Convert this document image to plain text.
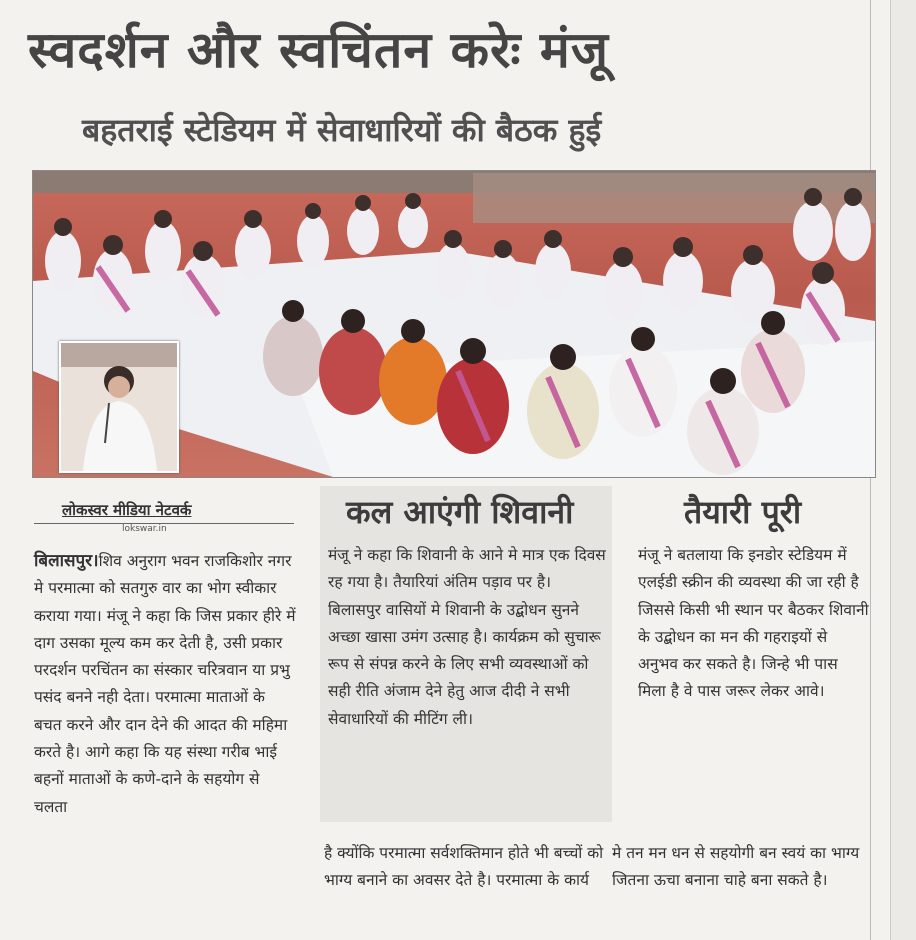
स्वदर्शन और स्वचिंतन करेः मंजू
बहतराई स्टेडियम में सेवाधारियों की बैठक हुई
लोकस्वर मीडिया नेटवर्क
lokswar.in

बिलासपुर।शिव अनुराग भवन राजकिशोर नगर मे परमात्मा को सतगुरु वार का भोग स्वीकार कराया गया। मंजू ने कहा कि जिस प्रकार हीरे में दाग उसका मूल्य कम कर देती है, उसी प्रकार परदर्शन परचिंतन का संस्कार चरित्रवान या प्रभु पसंद बनने नही देता। परमात्मा माताओं के बचत करने और दान देने की आदत की महिमा करते है। आगे कहा कि यह संस्था गरीब भाई बहनों माताओं के कणे-दाने के सहयोग से चलता

कल आएंगी शिवानी
मंजू ने कहा कि शिवानी के आने मे मात्र एक दिवस रह गया है। तैयारियां अंतिम पड़ाव पर है। बिलासपुर वासियों मे शिवानी के उद्बोधन सुनने अच्छा खासा उमंग उत्साह है। कार्यक्रम को सुचारू रूप से संपन्न करने के लिए सभी व्यवस्थाओं को सही रीति अंजाम देने हेतु आज दीदी ने सभी सेवाधारियों की मीटिंग ली।
तैयारी पूरी
मंजू ने बतलाया कि इनडोर स्टेडियम में एलईडी स्क्रीन की व्यवस्था की जा रही है जिससे किसी भी स्थान पर बैठकर शिवानी के उद्बोधन का मन की गहराइयों से अनुभव कर सकते है। जिन्हे भी पास मिला है वे पास जरूर लेकर आवे।
है क्योंकि परमात्मा सर्वशक्तिमान होते भी बच्चों को भाग्य बनाने का अवसर देते है। परमात्मा के कार्य
मे तन मन धन से सहयोगी बन स्वयं का भाग्य जितना ऊचा बनाना चाहे बना सकते है।
